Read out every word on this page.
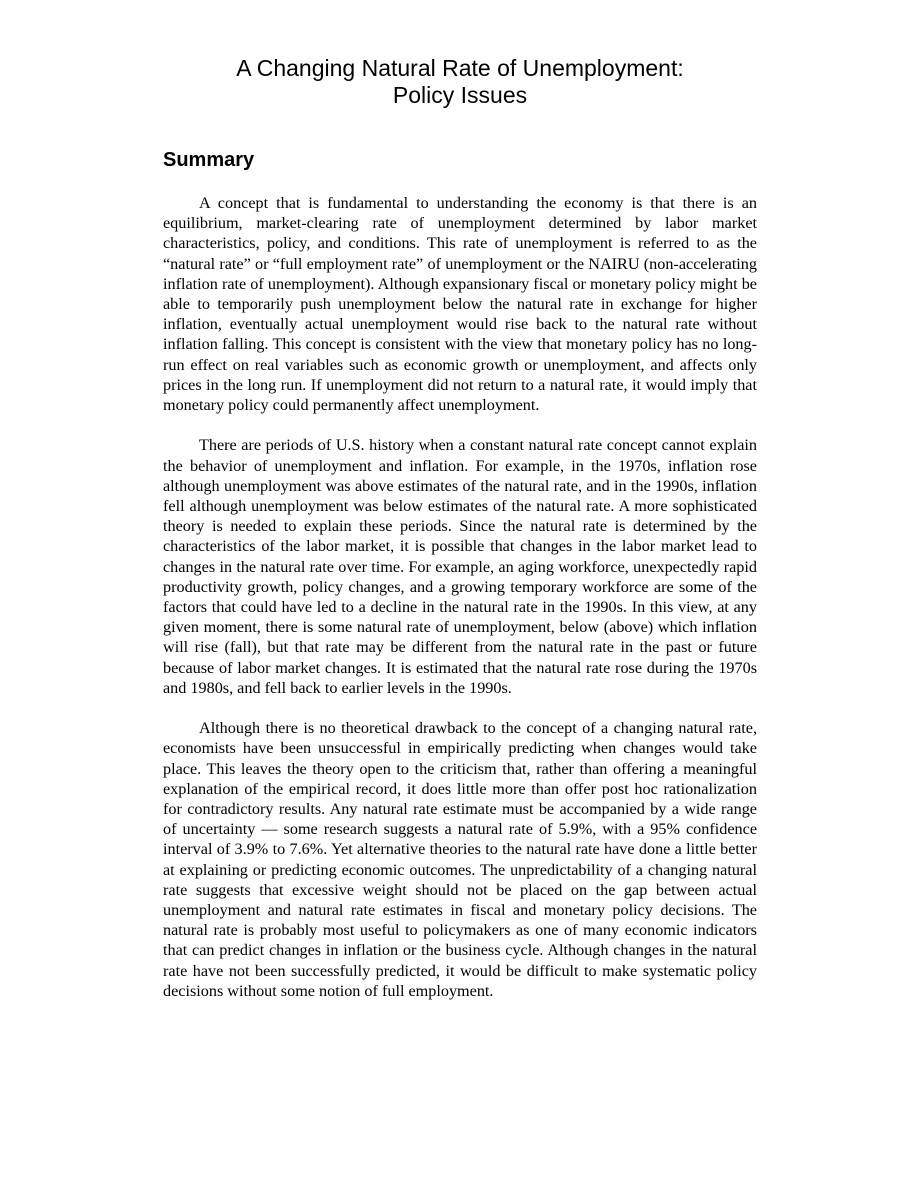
A Changing Natural Rate of Unemployment:
Policy Issues
Summary

A concept that is fundamental to understanding the economy is that there is an equilibrium, market-clearing rate of unemployment determined by labor market characteristics, policy, and conditions. This rate of unemployment is referred to as the “natural rate” or “full employment rate” of unemployment or the NAIRU (non-accelerating inflation rate of unemployment). Although expansionary fiscal or monetary policy might be able to temporarily push unemployment below the natural rate in exchange for higher inflation, eventually actual unemployment would rise back to the natural rate without inflation falling. This concept is consistent with the view that monetary policy has no long-run effect on real variables such as economic growth or unemployment, and affects only prices in the long run. If unemployment did not return to a natural rate, it would imply that monetary policy could permanently affect unemployment.

There are periods of U.S. history when a constant natural rate concept cannot explain the behavior of unemployment and inflation. For example, in the 1970s, inflation rose although unemployment was above estimates of the natural rate, and in the 1990s, inflation fell although unemployment was below estimates of the natural rate. A more sophisticated theory is needed to explain these periods. Since the natural rate is determined by the characteristics of the labor market, it is possible that changes in the labor market lead to changes in the natural rate over time. For example, an aging workforce, unexpectedly rapid productivity growth, policy changes, and a growing temporary workforce are some of the factors that could have led to a decline in the natural rate in the 1990s. In this view, at any given moment, there is some natural rate of unemployment, below (above) which inflation will rise (fall), but that rate may be different from the natural rate in the past or future because of labor market changes. It is estimated that the natural rate rose during the 1970s and 1980s, and fell back to earlier levels in the 1990s.

Although there is no theoretical drawback to the concept of a changing natural rate, economists have been unsuccessful in empirically predicting when changes would take place. This leaves the theory open to the criticism that, rather than offering a meaningful explanation of the empirical record, it does little more than offer post hoc rationalization for contradictory results. Any natural rate estimate must be accompanied by a wide range of uncertainty — some research suggests a natural rate of 5.9%, with a 95% confidence interval of 3.9% to 7.6%. Yet alternative theories to the natural rate have done a little better at explaining or predicting economic outcomes. The unpredictability of a changing natural rate suggests that excessive weight should not be placed on the gap between actual unemployment and natural rate estimates in fiscal and monetary policy decisions. The natural rate is probably most useful to policymakers as one of many economic indicators that can predict changes in inflation or the business cycle. Although changes in the natural rate have not been successfully predicted, it would be difficult to make systematic policy decisions without some notion of full employment.
